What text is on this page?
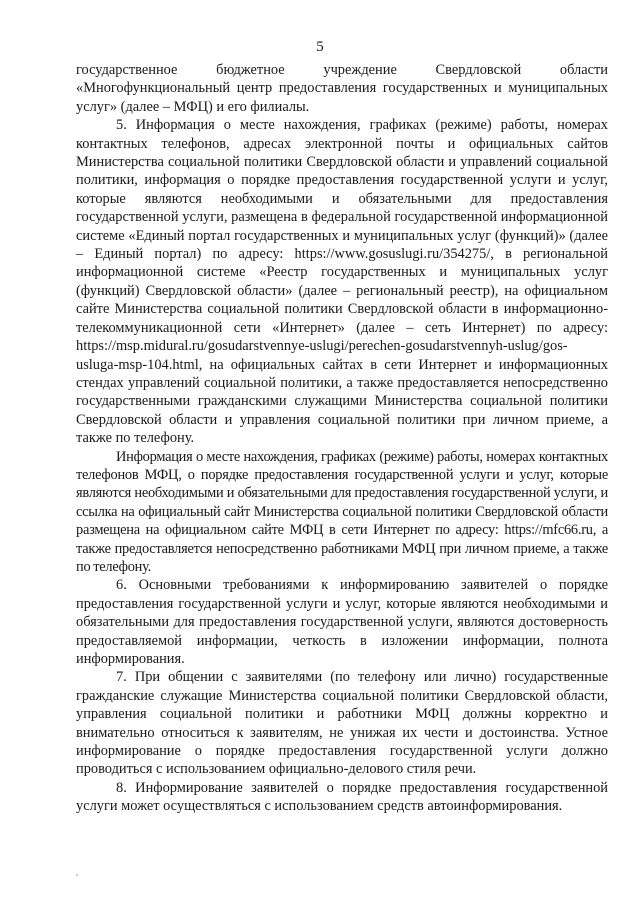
5

государственное бюджетное учреждение Свердловской области «Многофункциональный центр предоставления государственных и муниципальных услуг» (далее – МФЦ) и его филиалы.

5. Информация о месте нахождения, графиках (режиме) работы, номерах контактных телефонов, адресах электронной почты и официальных сайтов Министерства социальной политики Свердловской области и управлений социальной политики, информация о порядке предоставления государственной услуги и услуг, которые являются необходимыми и обязательными для предоставления государственной услуги, размещена в федеральной государственной информационной системе «Единый портал государственных и муниципальных услуг (функций)» (далее – Единый портал) по адресу: https://www.gosuslugi.ru/354275/, в региональной информационной системе «Реестр государственных и муниципальных услуг (функций) Свердловской области» (далее – региональный реестр), на официальном сайте Министерства социальной политики Свердловской области в информационно-телекоммуникационной сети «Интернет» (далее – сеть Интернет) по адресу: https://msp.midural.ru/gosudarstvennye-uslugi/perechen-gosudarstvennyh-uslug/gos-usluga-msp-104.html, на официальных сайтах в сети Интернет и информационных стендах управлений социальной политики, а также предоставляется непосредственно государственными гражданскими служащими Министерства социальной политики Свердловской области и управления социальной политики при личном приеме, а также по телефону.

Информация о месте нахождения, графиках (режиме) работы, номерах контактных телефонов МФЦ, о порядке предоставления государственной услуги и услуг, которые являются необходимыми и обязательными для предоставления государственной услуги, и ссылка на официальный сайт Министерства социальной политики Свердловской области размещена на официальном сайте МФЦ в сети Интернет по адресу: https://mfc66.ru, а также предоставляется непосредственно работниками МФЦ при личном приеме, а также по телефону.

6. Основными требованиями к информированию заявителей о порядке предоставления государственной услуги и услуг, которые являются необходимыми и обязательными для предоставления государственной услуги, являются достоверность предоставляемой информации, четкость в изложении информации, полнота информирования.

7. При общении с заявителями (по телефону или лично) государственные гражданские служащие Министерства социальной политики Свердловской области, управления социальной политики и работники МФЦ должны корректно и внимательно относиться к заявителям, не унижая их чести и достоинства. Устное информирование о порядке предоставления государственной услуги должно проводиться с использованием официально-делового стиля речи.

8. Информирование заявителей о порядке предоставления государственной услуги может осуществляться с использованием средств автоинформирования.
